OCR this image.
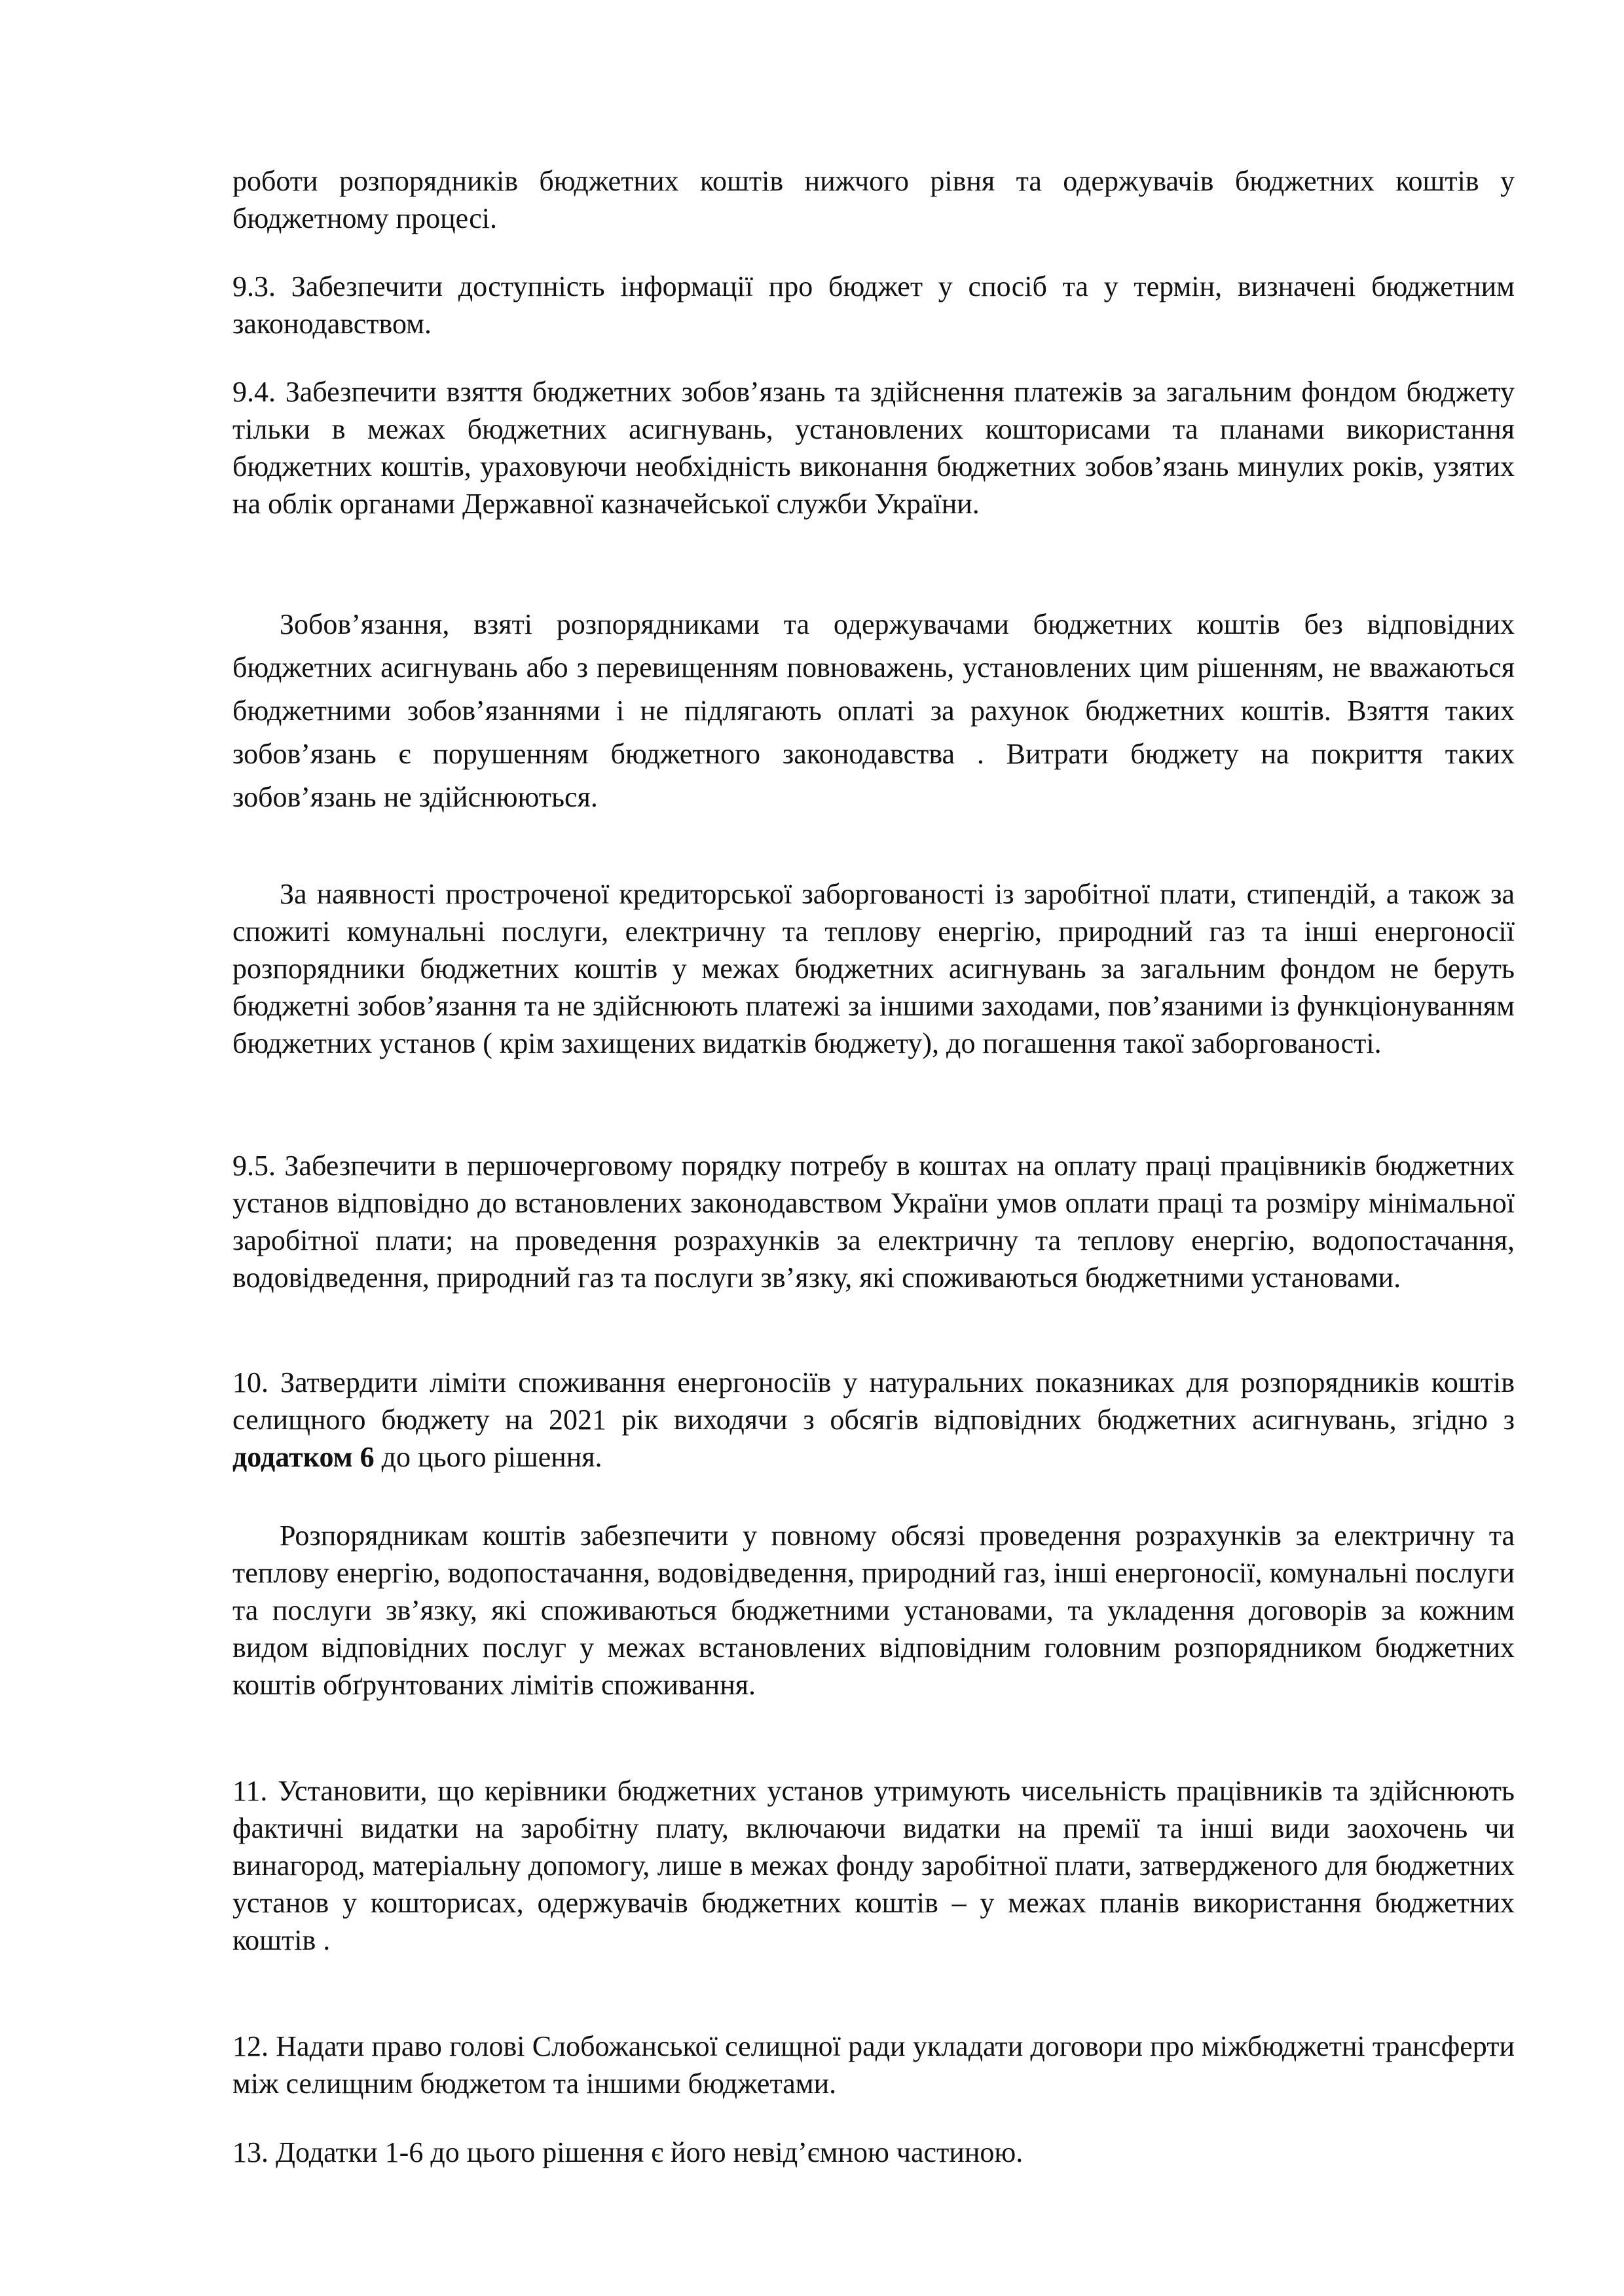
роботи розпорядників бюджетних коштів нижчого рівня та одержувачів бюджетних коштів у бюджетному процесі.

9.3. Забезпечити доступність інформації про бюджет у спосіб та у термін, визначені бюджетним законодавством.

9.4. Забезпечити взяття бюджетних зобов’язань та здійснення платежів за загальним фондом бюджету тільки в межах бюджетних асигнувань, установлених кошторисами та планами використання бюджетних коштів, ураховуючи необхідність виконання бюджетних зобов’язань минулих років, узятих на облік органами Державної казначейської служби України.

Зобов’язання, взяті розпорядниками та одержувачами бюджетних коштів без відповідних бюджетних асигнувань або з перевищенням повноважень, установлених цим рішенням, не вважаються бюджетними зобов’язаннями і не підлягають оплаті за рахунок бюджетних коштів. Взяття таких зобов’язань є порушенням бюджетного законодавства . Витрати бюджету на покриття таких зобов’язань не здійснюються.

За наявності простроченої кредиторської заборгованості із заробітної плати, стипендій, а також за спожиті комунальні послуги, електричну та теплову енергію, природний газ та інші енергоносії розпорядники бюджетних коштів у межах бюджетних асигнувань за загальним фондом не беруть бюджетні зобов’язання та не здійснюють платежі за іншими заходами, пов’язаними із функціонуванням бюджетних установ ( крім захищених видатків бюджету), до погашення такої заборгованості.

9.5. Забезпечити в першочерговому порядку потребу в коштах на оплату праці працівників бюджетних установ відповідно до встановлених законодавством України умов оплати праці та розміру мінімальної заробітної плати; на проведення розрахунків за електричну та теплову енергію, водопостачання, водовідведення, природний газ та послуги зв’язку, які споживаються бюджетними установами.

10. Затвердити ліміти споживання енергоносіїв у натуральних показниках для розпорядників коштів селищного бюджету на 2021 рік виходячи з обсягів відповідних бюджетних асигнувань, згідно з додатком 6 до цього рішення.

Розпорядникам коштів забезпечити у повному обсязі проведення розрахунків за електричну та теплову енергію, водопостачання, водовідведення, природний газ, інші енергоносії, комунальні послуги та послуги зв’язку, які споживаються бюджетними установами, та укладення договорів за кожним видом відповідних послуг у межах встановлених відповідним головним розпорядником бюджетних коштів обґрунтованих лімітів споживання.

11. Установити, що керівники бюджетних установ утримують чисельність працівників та здійснюють фактичні видатки на заробітну плату, включаючи видатки на премії та інші види заохочень чи винагород, матеріальну допомогу, лише в межах фонду заробітної плати, затвердженого для бюджетних установ у кошторисах, одержувачів бюджетних коштів – у межах планів використання бюджетних коштів .

12. Надати право голові Слобожанської селищної ради укладати договори про міжбюджетні трансферти між селищним бюджетом та іншими бюджетами.

13. Додатки 1-6 до цього рішення є його невід’ємною частиною.
